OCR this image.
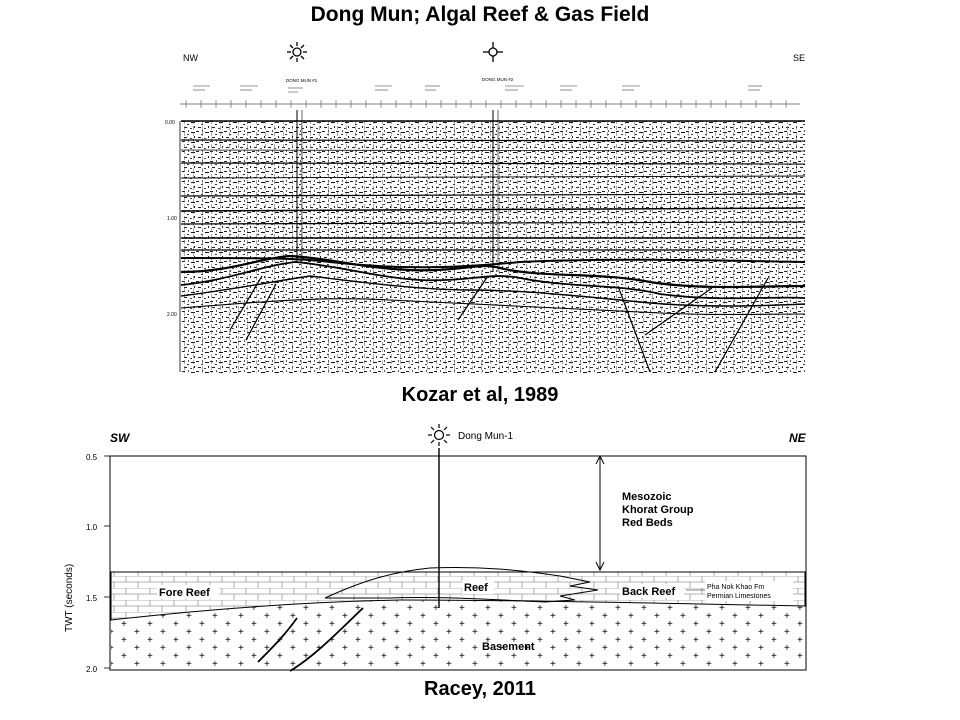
Dong Mun; Algal Reef & Gas Field
NW	SE
DONG MUN #1	DONG MUN #2
0.00
1.00
2.00
Kozar et al, 1989
SW	NE
Dong Mun-1
TWT (seconds)
0.5
1.0
1.5
2.0
Mesozoic
Khorat Group
Red Beds
Fore Reef	Reef	Back Reef	Pha Nok Khao Fm
Permian Limestones
Basement
Racey, 2011
